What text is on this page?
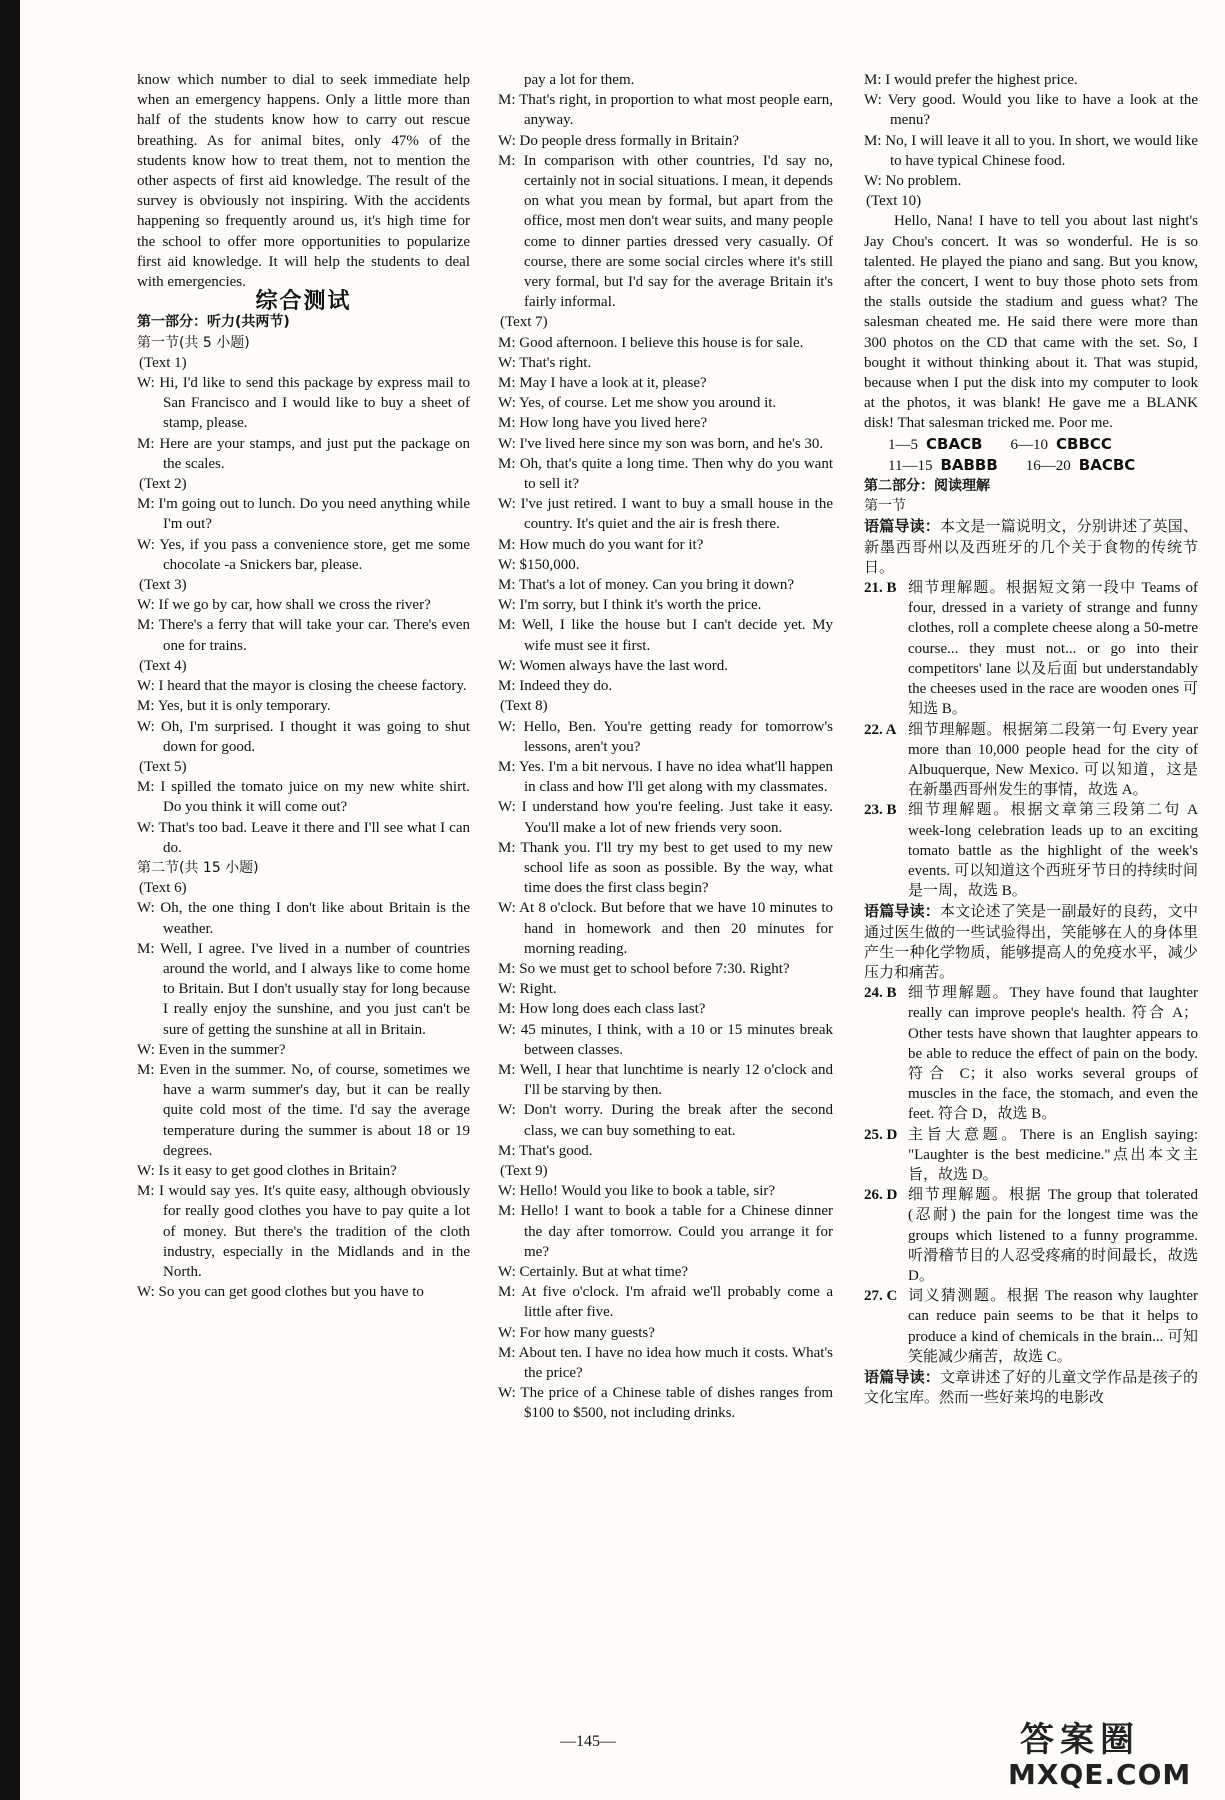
know which number to dial to seek immediate help when an emergency happens. Only a little more than half of the students know how to carry out rescue breathing. As for animal bites, only 47% of the students know how to treat them, not to mention the other aspects of first aid knowledge. The result of the survey is obviously not inspiring. With the accidents happening so frequently around us, it's high time for the school to offer more opportunities to popularize first aid knowledge. It will help the students to deal with emergencies.

综合测试

第一部分：听力(共两节)

第一节(共 5 小题)

(Text 1)

W: Hi, I'd like to send this package by express mail to San Francisco and I would like to buy a sheet of stamp, please.

M: Here are your stamps, and just put the package on the scales.

(Text 2)

M: I'm going out to lunch. Do you need anything while I'm out?

W: Yes, if you pass a convenience store, get me some chocolate -a Snickers bar, please.

(Text 3)

W: If we go by car, how shall we cross the river?

M: There's a ferry that will take your car. There's even one for trains.

(Text 4)

W: I heard that the mayor is closing the cheese factory.

M: Yes, but it is only temporary.

W: Oh, I'm surprised. I thought it was going to shut down for good.

(Text 5)

M: I spilled the tomato juice on my new white shirt. Do you think it will come out?

W: That's too bad. Leave it there and I'll see what I can do.

第二节(共 15 小题)

(Text 6)

W: Oh, the one thing I don't like about Britain is the weather.

M: Well, I agree. I've lived in a number of countries around the world, and I always like to come home to Britain. But I don't usually stay for long because I really enjoy the sunshine, and you just can't be sure of getting the sunshine at all in Britain.

W: Even in the summer?

M: Even in the summer. No, of course, sometimes we have a warm summer's day, but it can be really quite cold most of the time. I'd say the average temperature during the summer is about 18 or 19 degrees.

W: Is it easy to get good clothes in Britain?

M: I would say yes. It's quite easy, although obviously for really good clothes you have to pay quite a lot of money. But there's the tradition of the cloth industry, especially in the Midlands and in the North.

W: So you can get good clothes but you have to

pay a lot for them.

M: That's right, in proportion to what most people earn, anyway.

W: Do people dress formally in Britain?

M: In comparison with other countries, I'd say no, certainly not in social situations. I mean, it depends on what you mean by formal, but apart from the office, most men don't wear suits, and many people come to dinner parties dressed very casually. Of course, there are some social circles where it's still very formal, but I'd say for the average Britain it's fairly informal.

(Text 7)

M: Good afternoon. I believe this house is for sale.

W: That's right.

M: May I have a look at it, please?

W: Yes, of course. Let me show you around it.

M: How long have you lived here?

W: I've lived here since my son was born, and he's 30.

M: Oh, that's quite a long time. Then why do you want to sell it?

W: I've just retired. I want to buy a small house in the country. It's quiet and the air is fresh there.

M: How much do you want for it?

W: $150,000.

M: That's a lot of money. Can you bring it down?

W: I'm sorry, but I think it's worth the price.

M: Well, I like the house but I can't decide yet. My wife must see it first.

W: Women always have the last word.

M: Indeed they do.

(Text 8)

W: Hello, Ben. You're getting ready for tomorrow's lessons, aren't you?

M: Yes. I'm a bit nervous. I have no idea what'll happen in class and how I'll get along with my classmates.

W: I understand how you're feeling. Just take it easy. You'll make a lot of new friends very soon.

M: Thank you. I'll try my best to get used to my new school life as soon as possible. By the way, what time does the first class begin?

W: At 8 o'clock. But before that we have 10 minutes to hand in homework and then 20 minutes for morning reading.

M: So we must get to school before 7:30. Right?

W: Right.

M: How long does each class last?

W: 45 minutes, I think, with a 10 or 15 minutes break between classes.

M: Well, I hear that lunchtime is nearly 12 o'clock and I'll be starving by then.

W: Don't worry. During the break after the second class, we can buy something to eat.

M: That's good.

(Text 9)

W: Hello! Would you like to book a table, sir?

M: Hello! I want to book a table for a Chinese dinner the day after tomorrow. Could you arrange it for me?

W: Certainly. But at what time?

M: At five o'clock. I'm afraid we'll probably come a little after five.

W: For how many guests?

M: About ten. I have no idea how much it costs. What's the price?

W: The price of a Chinese table of dishes ranges from $100 to $500, not including drinks.

M: I would prefer the highest price.

W: Very good. Would you like to have a look at the menu?

M: No, I will leave it all to you. In short, we would like to have typical Chinese food.

W: No problem.

(Text 10)

Hello, Nana! I have to tell you about last night's Jay Chou's concert. It was so wonderful. He is so talented. He played the piano and sang. But you know, after the concert, I went to buy those photo sets from the stalls outside the stadium and guess what? The salesman cheated me. He said there were more than 300 photos on the CD that came with the set. So, I bought it without thinking about it. That was stupid, because when I put the disk into my computer to look at the photos, it was blank! He gave me a BLANK disk! That salesman tricked me. Poor me.

1—5 CBACB 6—10 CBBCC

11—15 BABBB 16—20 BACBC

第二部分：阅读理解

第一节

语篇导读：本文是一篇说明文，分别讲述了英国、新墨西哥州以及西班牙的几个关于食物的传统节日。

21. B 细节理解题。根据短文第一段中 Teams of four, dressed in a variety of strange and funny clothes, roll a complete cheese along a 50-metre course... they must not... or go into their competitors' lane 以及后面 but understandably the cheeses used in the race are wooden ones 可知选 B。
22. A 细节理解题。根据第二段第一句 Every year more than 10,000 people head for the city of Albuquerque, New Mexico. 可以知道，这是在新墨西哥州发生的事情，故选 A。
23. B 细节理解题。根据文章第三段第二句 A week-long celebration leads up to an exciting tomato battle as the highlight of the week's events. 可以知道这个西班牙节日的持续时间是一周，故选 B。

语篇导读：本文论述了笑是一副最好的良药，文中通过医生做的一些试验得出，笑能够在人的身体里产生一种化学物质，能够提高人的免疫水平，减少压力和痛苦。

24. B 细节理解题。They have found that laughter really can improve people's health. 符合 A；Other tests have shown that laughter appears to be able to reduce the effect of pain on the body. 符合 C；it also works several groups of muscles in the face, the stomach, and even the feet. 符合 D，故选 B。
25. D 主旨大意题。There is an English saying: "Laughter is the best medicine."点出本文主旨，故选 D。
26. D 细节理解题。根据 The group that tolerated (忍耐) the pain for the longest time was the groups which listened to a funny programme. 听滑稽节目的人忍受疼痛的时间最长，故选 D。
27. C 词义猜测题。根据 The reason why laughter can reduce pain seems to be that it helps to produce a kind of chemicals in the brain... 可知笑能减少痛苦，故选 C。

语篇导读：文章讲述了好的儿童文学作品是孩子的文化宝库。然而一些好莱坞的电影改

—145—	答案圈
MXQE.COM
